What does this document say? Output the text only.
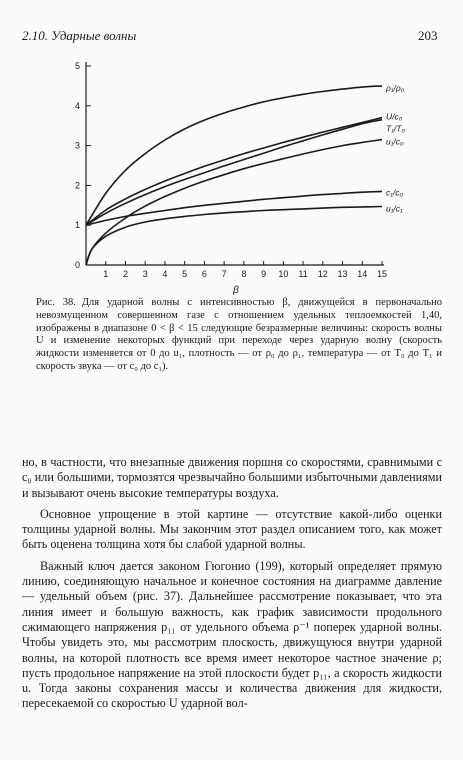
2.10. Ударные волны	203
1 2 3 4 5 6 7 8 9 10 11 12 13 14 15
0
1
2
3
4
5
β
ρ₁/ρ₀
U/c₀
T₁/T₀
u₁/c₀
c₁/c₀
u₁/c₁
Рис. 38. Для ударной волны с интенсивностью β, движущейся в первоначально невозмущенном совершенном газе с отношением удельных теплоемкостей 1,40, изображены в диапазоне 0 < β < 15 следующие безразмерные величины: скорость волны U и изменение некоторых функций при переходе через ударную волну (скорость жидкости изменяется от 0 до u₁, плотность — от ρ₀ до ρ₁, температура — от T₀ до T₁ и скорость звука — от c₀ до c₁).

но, в частности, что внезапные движения поршня со скоростями, сравнимыми с c₀ или большими, тормозятся чрезвычайно большими избыточными давлениями и вызывают очень высокие температуры воздуха.

Основное упрощение в этой картине — отсутствие какой-либо оценки толщины ударной волны. Мы закончим этот раздел описанием того, как может быть оценена толщина хотя бы слабой ударной волны.

Важный ключ дается законом Гюгонио (199), который определяет прямую линию, соединяющую начальное и конечное состояния на диаграмме давление — удельный объем (рис. 37). Дальнейшее рассмотрение показывает, что эта линия имеет и большую важность, как график зависимости продольного сжимающего напряжения p₁₁ от удельного объема ρ⁻¹ поперек ударной волны. Чтобы увидеть это, мы рассмотрим плоскость, движущуюся внутри ударной волны, на которой плотность все время имеет некоторое частное значение ρ; пусть продольное напряжение на этой плоскости будет p₁₁, а скорость жидкости u. Тогда законы сохранения массы и количества движения для жидкости, пересекаемой со скоростью U ударной вол-
